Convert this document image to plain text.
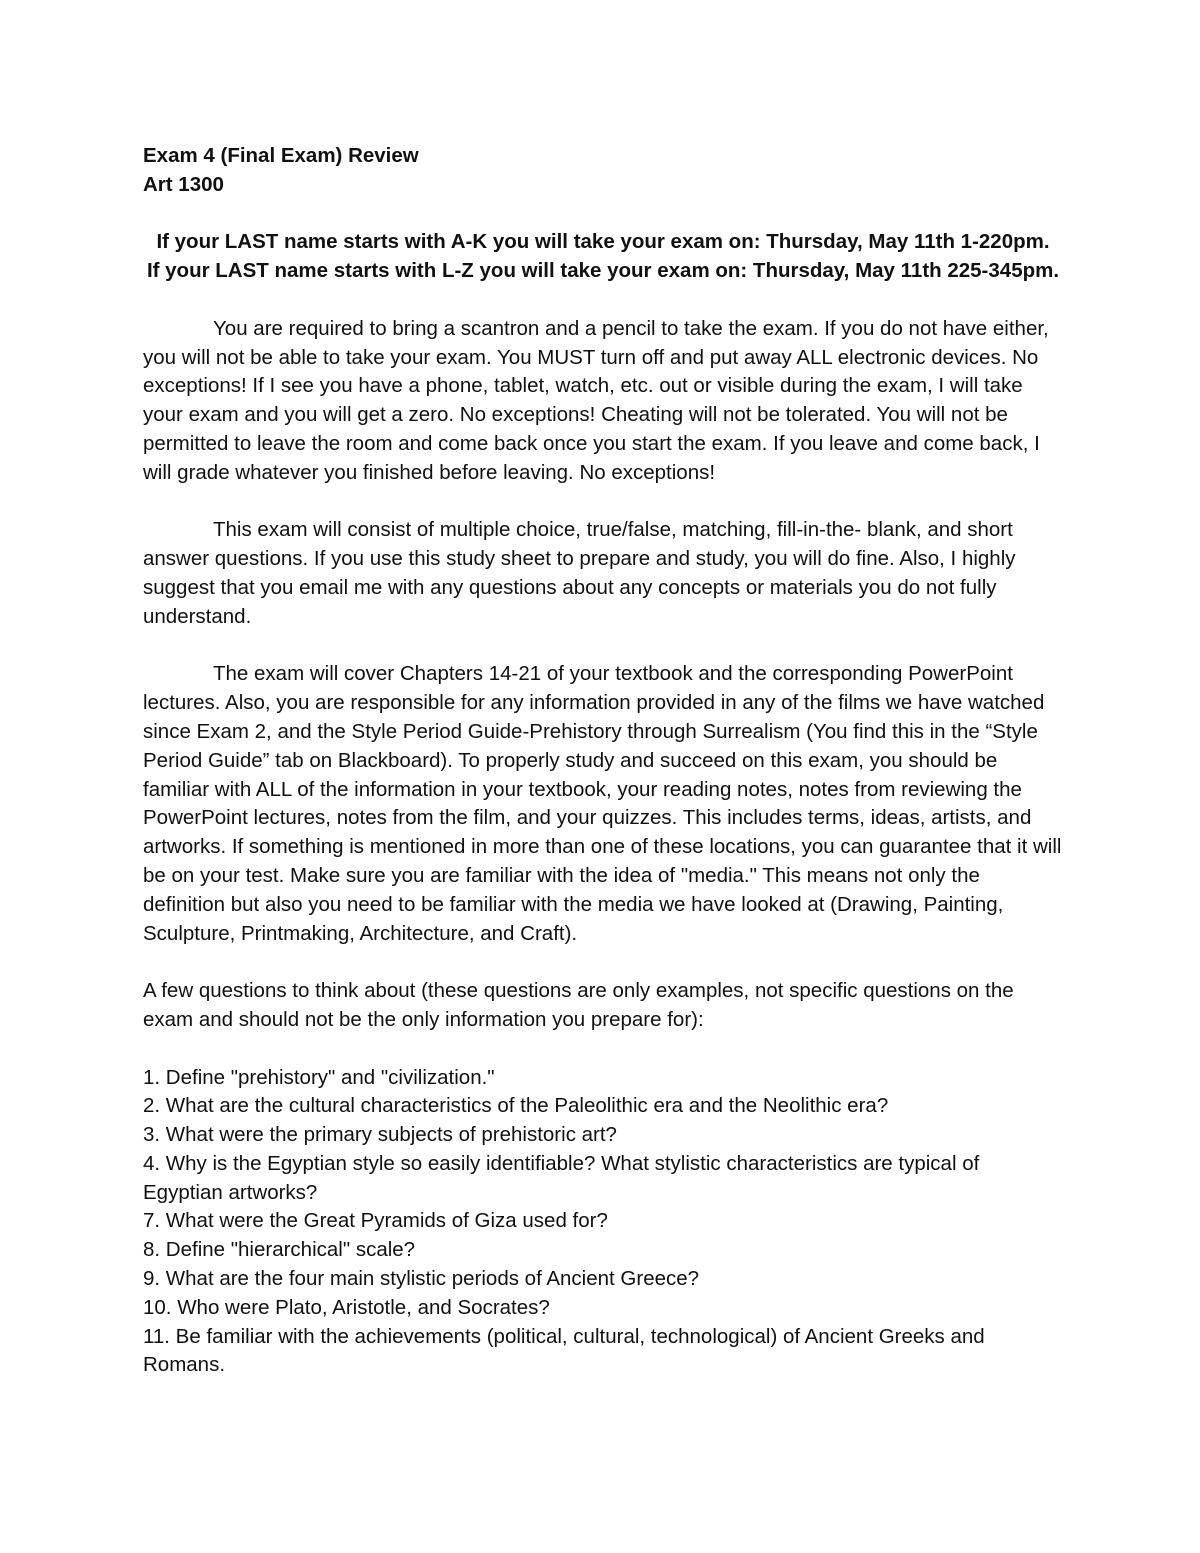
Exam 4 (Final Exam) Review
Art 1300
If your LAST name starts with A-K you will take your exam on: Thursday, May 11th 1-220pm.
If your LAST name starts with L-Z you will take your exam on: Thursday, May 11th 225-345pm.

You are required to bring a scantron and a pencil to take the exam. If you do not have either, you will not be able to take your exam. You MUST turn off and put away ALL electronic devices. No exceptions! If I see you have a phone, tablet, watch, etc. out or visible during the exam, I will take your exam and you will get a zero. No exceptions! Cheating will not be tolerated. You will not be permitted to leave the room and come back once you start the exam. If you leave and come back, I will grade whatever you finished before leaving. No exceptions!

This exam will consist of multiple choice, true/false, matching, fill-in-the- blank, and short answer questions. If you use this study sheet to prepare and study, you will do fine. Also, I highly suggest that you email me with any questions about any concepts or materials you do not fully understand.

The exam will cover Chapters 14-21 of your textbook and the corresponding PowerPoint lectures. Also, you are responsible for any information provided in any of the films we have watched since Exam 2, and the Style Period Guide-Prehistory through Surrealism (You find this in the “Style Period Guide” tab on Blackboard). To properly study and succeed on this exam, you should be familiar with ALL of the information in your textbook, your reading notes, notes from reviewing the PowerPoint lectures, notes from the film, and your quizzes. This includes terms, ideas, artists, and artworks. If something is mentioned in more than one of these locations, you can guarantee that it will be on your test. Make sure you are familiar with the idea of "media." This means not only the definition but also you need to be familiar with the media we have looked at (Drawing, Painting, Sculpture, Printmaking, Architecture, and Craft).

A few questions to think about (these questions are only examples, not specific questions on the exam and should not be the only information you prepare for):

1. Define "prehistory" and "civilization."
2. What are the cultural characteristics of the Paleolithic era and the Neolithic era?
3. What were the primary subjects of prehistoric art?
4. Why is the Egyptian style so easily identifiable? What stylistic characteristics are typical of Egyptian artworks?
7. What were the Great Pyramids of Giza used for?
8. Define "hierarchical" scale?
9. What are the four main stylistic periods of Ancient Greece?
10. Who were Plato, Aristotle, and Socrates?
11. Be familiar with the achievements (political, cultural, technological) of Ancient Greeks and Romans.
